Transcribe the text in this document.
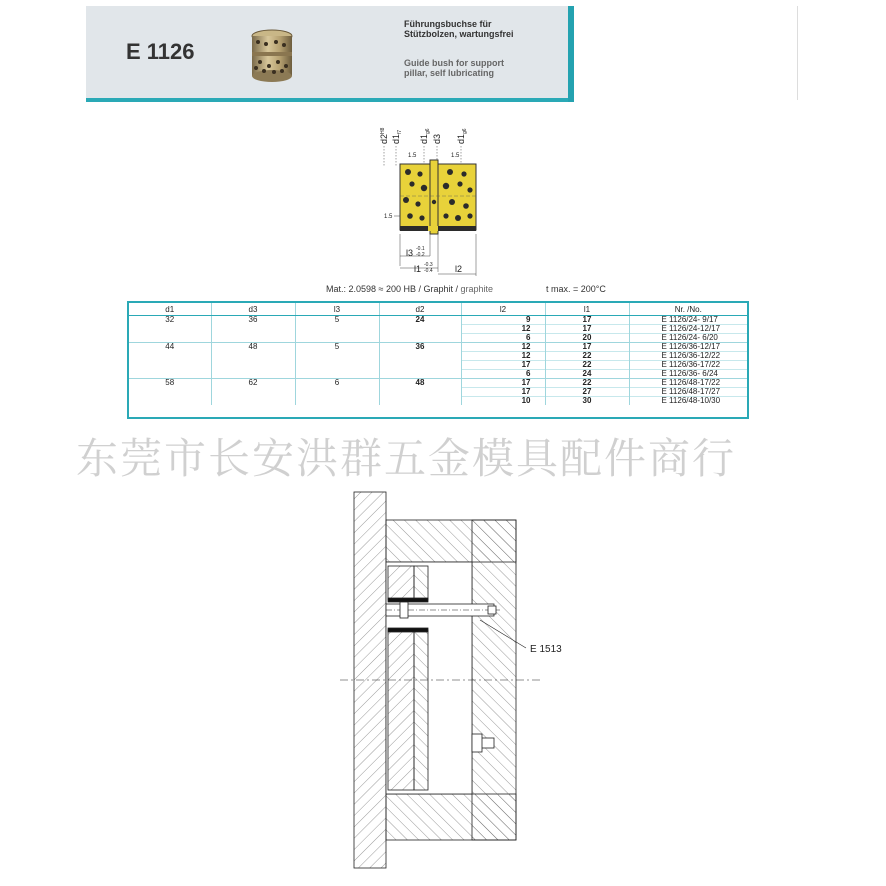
E 1126
Führungsbuchse für
Stützbolzen, wartungsfrei
Guide bush for support
pillar, self lubricating
$d2^{H8}$
$d1_{f7}$
$d1_{g6}$
d3 $d1_{g6}$
1.5	1.5
1.5
l3 -0.1
-0.2
l1 -0.3
-0.4 l2
Mat.: 2.0598 ≈ 200 HB / Graphit / graphite	t max. = 200°C
d1	d3	l3	d2	l2	l1	Nr. /No.
32	36	5	24	9	17	E 1126/24- 9/17
				12	17	E 1126/24-12/17
				6	20	E 1126/24- 6/20
44	48	5	36	12	17	E 1126/36-12/17
				12	22	E 1126/36-12/22
				17	22	E 1126/36-17/22
				6	24	E 1126/36- 6/24
58	62	6	48	17	22	E 1126/48-17/22
				17	27	E 1126/48-17/27
				10	30	E 1126/48-10/30
东莞市长安洪群五金模具配件商行
E 1513
